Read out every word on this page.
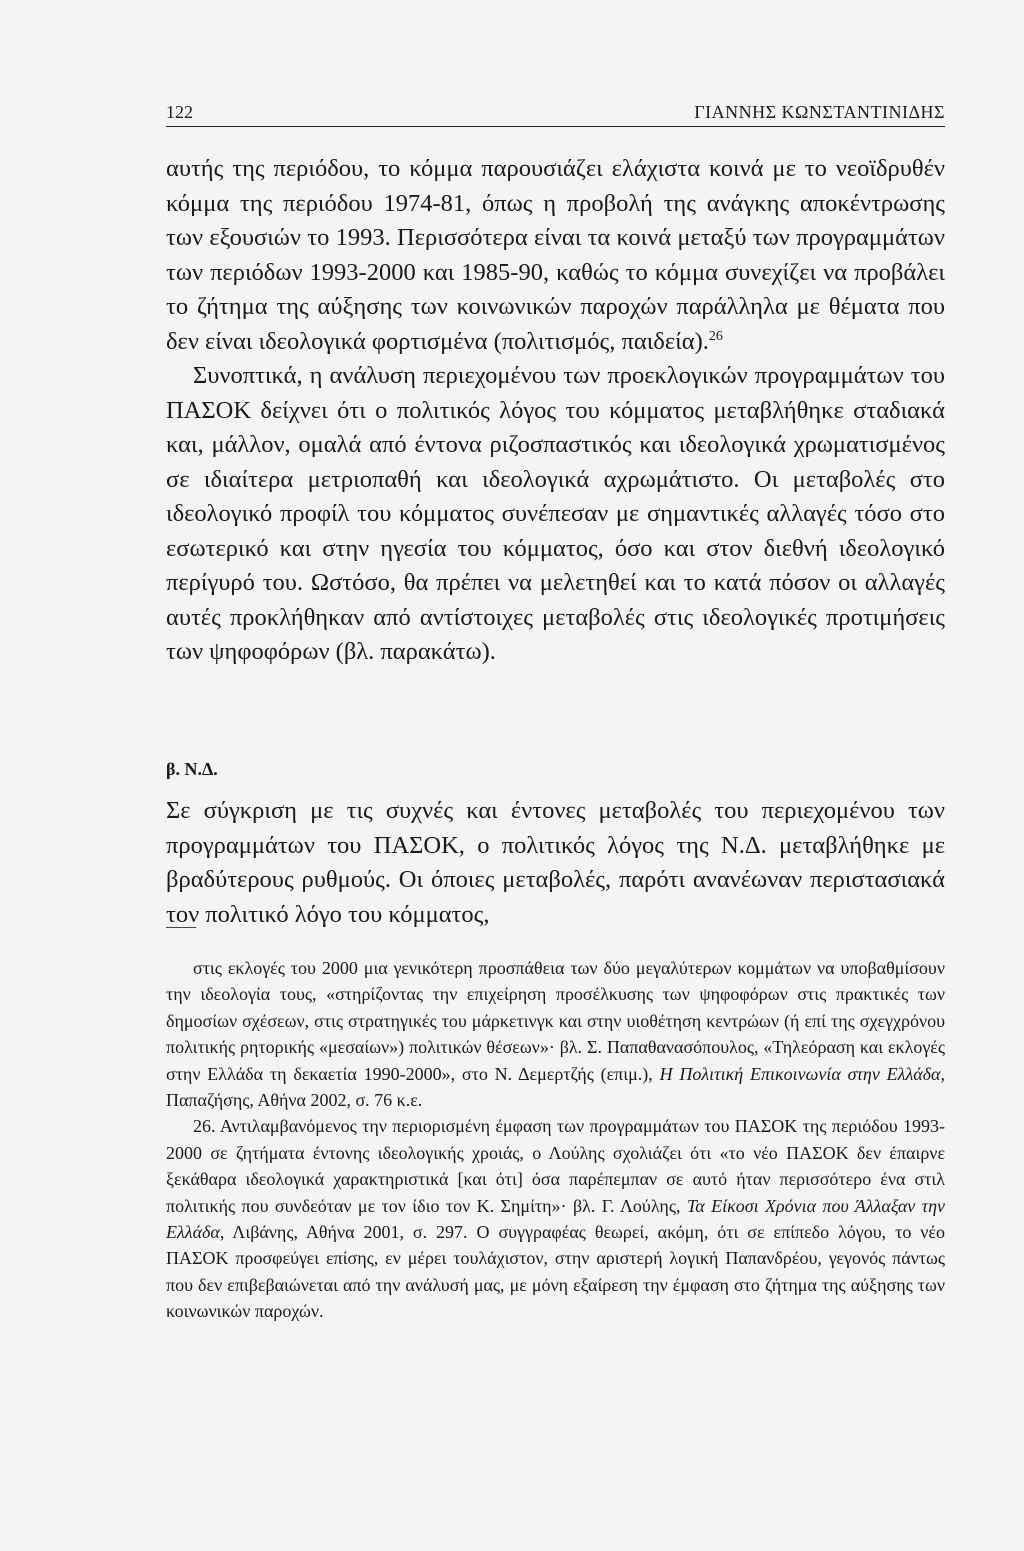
122	ΓΙΑΝΝΗΣ ΚΩΝΣΤΑΝΤΙΝΙΔΗΣ

αυτής της περιόδου, το κόμμα παρουσιάζει ελάχιστα κοινά με το νεοϊδρυθέν κόμμα της περιόδου 1974-81, όπως η προβολή της ανάγκης αποκέντρωσης των εξουσιών το 1993. Περισσότερα είναι τα κοινά μεταξύ των προγραμμάτων των περιόδων 1993-2000 και 1985-90, καθώς το κόμμα συνεχίζει να προβάλει το ζήτημα της αύξησης των κοινωνικών παροχών παράλληλα με θέματα που δεν είναι ιδεολογικά φορτισμένα (πολιτισμός, παιδεία).$^{26}$

Συνοπτικά, η ανάλυση περιεχομένου των προεκλογικών προγραμμάτων του ΠΑΣΟΚ δείχνει ότι ο πολιτικός λόγος του κόμματος μεταβλήθηκε σταδιακά και, μάλλον, ομαλά από έντονα ριζοσπαστικός και ιδεολογικά χρωματισμένος σε ιδιαίτερα μετριοπαθή και ιδεολογικά αχρωμάτιστο. Οι μεταβολές στο ιδεολογικό προφίλ του κόμματος συνέπεσαν με σημαντικές αλλαγές τόσο στο εσωτερικό και στην ηγεσία του κόμματος, όσο και στον διεθνή ιδεολογικό περίγυρό του. Ωστόσο, θα πρέπει να μελετηθεί και το κατά πόσον οι αλλαγές αυτές προκλήθηκαν από αντίστοιχες μεταβολές στις ιδεολογικές προτιμήσεις των ψηφοφόρων (βλ. παρακάτω).

β. Ν.Δ.

Σε σύγκριση με τις συχνές και έντονες μεταβολές του περιεχομένου των προγραμμάτων του ΠΑΣΟΚ, ο πολιτικός λόγος της Ν.Δ. μεταβλήθηκε με βραδύτερους ρυθμούς. Οι όποιες μεταβολές, παρότι ανανέωναν περιστασιακά τον πολιτικό λόγο του κόμματος,

στις εκλογές του 2000 μια γενικότερη προσπάθεια των δύο μεγαλύτερων κομμάτων να υποβαθμίσουν την ιδεολογία τους, «στηρίζοντας την επιχείρηση προσέλκυσης των ψηφοφόρων στις πρακτικές των δημοσίων σχέσεων, στις στρατηγικές του μάρκετινγκ και στην υιοθέτηση κεντρώων (ή επί της σχεγχρόνου πολιτικής ρητορικής «μεσαίων») πολιτικών θέσεων»· βλ. Σ. Παπαθανασόπουλος, «Τηλεόραση και εκλογές στην Ελλάδα τη δεκαετία 1990-2000», στο Ν. Δεμερτζής (επιμ.), Η Πολιτική Επικοινωνία στην Ελλάδα, Παπαζήσης, Αθήνα 2002, σ. 76 κ.ε.

26. Αντιλαμβανόμενος την περιορισμένη έμφαση των προγραμμάτων του ΠΑΣΟΚ της περιόδου 1993-2000 σε ζητήματα έντονης ιδεολογικής χροιάς, ο Λούλης σχολιάζει ότι «το νέο ΠΑΣΟΚ δεν έπαιρνε ξεκάθαρα ιδεολογικά χαρακτηριστικά [και ότι] όσα παρέπεμπαν σε αυτό ήταν περισσότερο ένα στιλ πολιτικής που συνδεόταν με τον ίδιο τον Κ. Σημίτη»· βλ. Γ. Λούλης, Τα Είκοσι Χρόνια που Άλλαξαν την Ελλάδα, Λιβάνης, Αθήνα 2001, σ. 297. Ο συγγραφέας θεωρεί, ακόμη, ότι σε επίπεδο λόγου, το νέο ΠΑΣΟΚ προσφεύγει επίσης, εν μέρει τουλάχιστον, στην αριστερή λογική Παπανδρέου, γεγονός πάντως που δεν επιβεβαιώνεται από την ανάλυσή μας, με μόνη εξαίρεση την έμφαση στο ζήτημα της αύξησης των κοινωνικών παροχών.
